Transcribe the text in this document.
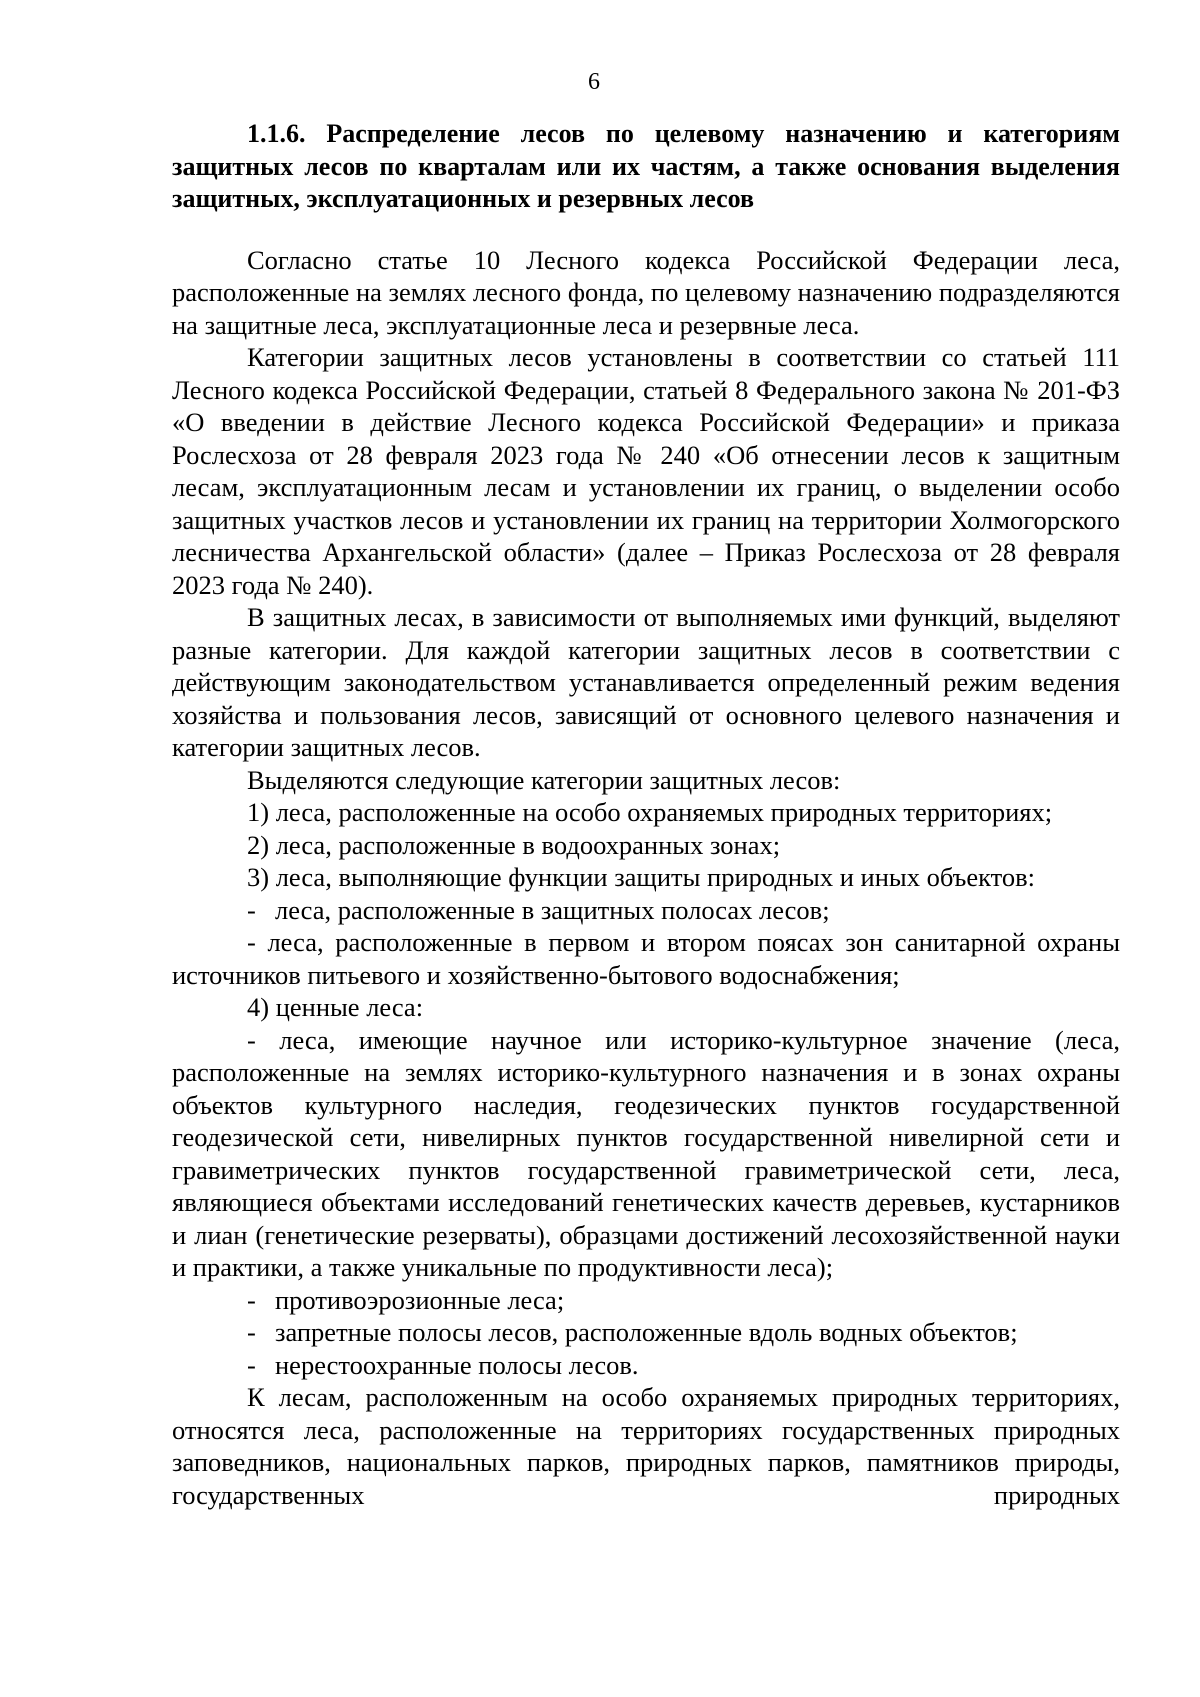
6

1.1.6. Распределение лесов по целевому назначению и категориям защитных лесов по кварталам или их частям, а также основания выделения защитных, эксплуатационных и резервных лесов

Согласно статье 10 Лесного кодекса Российской Федерации леса, расположенные на землях лесного фонда, по целевому назначению подразделяются на защитные леса, эксплуатационные леса и резервные леса.

Категории защитных лесов установлены в соответствии со статьей 111 Лесного кодекса Российской Федерации, статьей 8 Федерального закона № 201-ФЗ «О введении в действие Лесного кодекса Российской Федерации» и приказа Рослесхоза от 28 февраля 2023 года № 240 «Об отнесении лесов к защитным лесам, эксплуатационным лесам и установлении их границ, о выделении особо защитных участков лесов и установлении их границ на территории Холмогорского лесничества Архангельской области» (далее – Приказ Рослесхоза от 28 февраля 2023 года № 240).

В защитных лесах, в зависимости от выполняемых ими функций, выделяют разные категории. Для каждой категории защитных лесов в соответствии с действующим законодательством устанавливается определенный режим ведения хозяйства и пользования лесов, зависящий от основного целевого назначения и категории защитных лесов.

Выделяются следующие категории защитных лесов:

1) леса, расположенные на особо охраняемых природных территориях;

2) леса, расположенные в водоохранных зонах;

3) леса, выполняющие функции защиты природных и иных объектов:

- леса, расположенные в защитных полосах лесов;

- леса, расположенные в первом и втором поясах зон санитарной охраны источников питьевого и хозяйственно-бытового водоснабжения;

4) ценные леса:

- леса, имеющие научное или историко-культурное значение (леса, расположенные на землях историко-культурного назначения и в зонах охраны объектов культурного наследия, геодезических пунктов государственной геодезической сети, нивелирных пунктов государственной нивелирной сети и гравиметрических пунктов государственной гравиметрической сети, леса, являющиеся объектами исследований генетических качеств деревьев, кустарников и лиан (генетические резерваты), образцами достижений лесохозяйственной науки и практики, а также уникальные по продуктивности леса);

- противоэрозионные леса;

- запретные полосы лесов, расположенные вдоль водных объектов;

- нерестоохранные полосы лесов.

К лесам, расположенным на особо охраняемых природных территориях, относятся леса, расположенные на территориях государственных природных заповедников, национальных парков, природных парков, памятников природы, государственных природных
